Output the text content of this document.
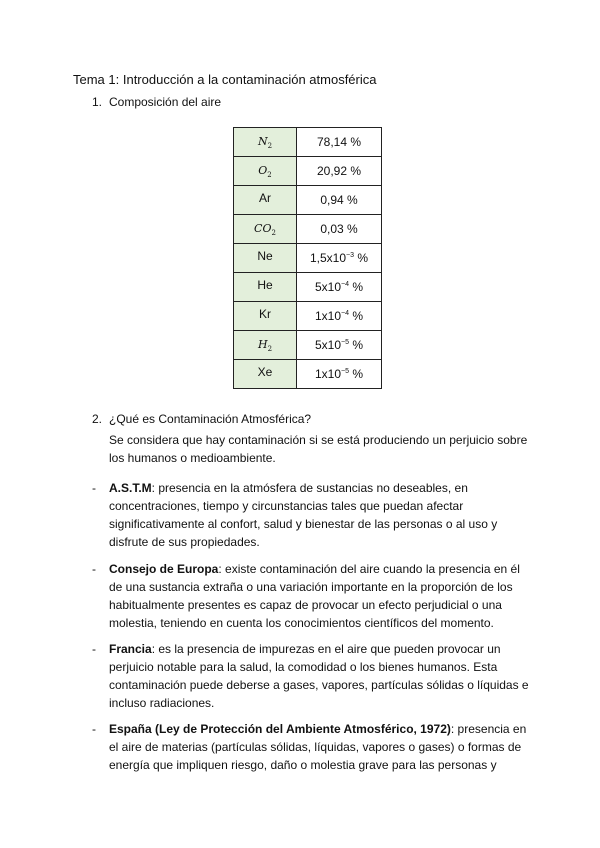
Tema 1: Introducción a la contaminación atmosférica
1. Composición del aire
$N_2$	78,14 %
$O_2$	20,92 %
Ar	0,94 %
$CO_2$	0,03 %
Ne	$1,5x10^{-3}$ %
He	$5x10^{-4}$ %
Kr	$1x10^{-4}$ %
$H_2$	$5x10^{-5}$ %
Xe	$1x10^{-5}$ %
2. ¿Qué es Contaminación Atmosférica?

Se considera que hay contaminación si se está produciendo un perjuicio sobre los humanos o medioambiente.

- A.S.T.M: presencia en la atmósfera de sustancias no deseables, en concentraciones, tiempo y circunstancias tales que puedan afectar significativamente al confort, salud y bienestar de las personas o al uso y disfrute de sus propiedades.

- Consejo de Europa: existe contaminación del aire cuando la presencia en él de una sustancia extraña o una variación importante en la proporción de los habitualmente presentes es capaz de provocar un efecto perjudicial o una molestia, teniendo en cuenta los conocimientos científicos del momento.

- Francia: es la presencia de impurezas en el aire que pueden provocar un perjuicio notable para la salud, la comodidad o los bienes humanos. Esta contaminación puede deberse a gases, vapores, partículas sólidas o líquidas e incluso radiaciones.

- España (Ley de Protección del Ambiente Atmosférico, 1972): presencia en el aire de materias (partículas sólidas, líquidas, vapores o gases) o formas de energía que impliquen riesgo, daño o molestia grave para las personas y
